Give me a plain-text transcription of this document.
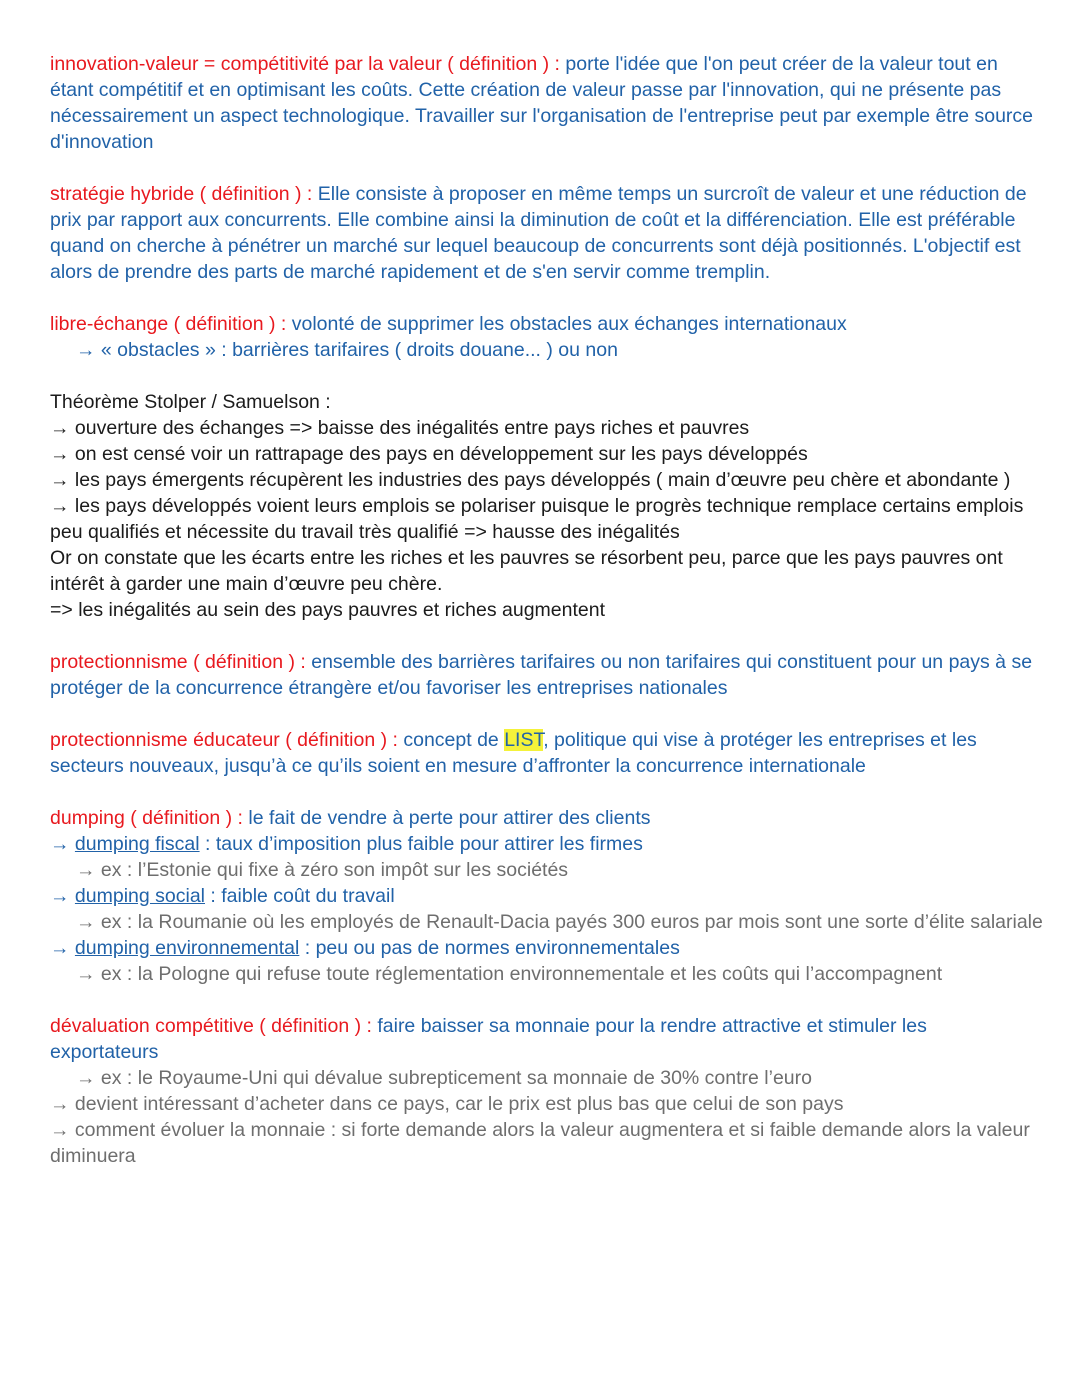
innovation-valeur = compétitivité par la valeur ( définition ) : porte l'idée que l'on peut créer de la valeur tout en étant compétitif et en optimisant les coûts. Cette création de valeur passe par l'innovation, qui ne présente pas nécessairement un aspect technologique. Travailler sur l'organisation de l'entreprise peut par exemple être source d'innovation
stratégie hybride ( définition ) : Elle consiste à proposer en même temps un surcroît de valeur et une réduction de prix par rapport aux concurrents. Elle combine ainsi la diminution de coût et la différenciation. Elle est préférable quand on cherche à pénétrer un marché sur lequel beaucoup de concurrents sont déjà positionnés. L'objectif est alors de prendre des parts de marché rapidement et de s'en servir comme tremplin.
libre-échange ( définition ) : volonté de supprimer les obstacles aux échanges internationaux
→ « obstacles » : barrières tarifaires ( droits douane... ) ou non
Théorème Stolper / Samuelson :
→ ouverture des échanges => baisse des inégalités entre pays riches et pauvres
→ on est censé voir un rattrapage des pays en développement sur les pays développés
→ les pays émergents récupèrent les industries des pays développés ( main d’œuvre peu chère et abondante )
→ les pays développés voient leurs emplois se polariser puisque le progrès technique remplace certains emplois peu qualifiés et nécessite du travail très qualifié => hausse des inégalités
Or on constate que les écarts entre les riches et les pauvres se résorbent peu, parce que les pays pauvres ont intérêt à garder une main d’œuvre peu chère.
=> les inégalités au sein des pays pauvres et riches augmentent
protectionnisme ( définition ) : ensemble des barrières tarifaires ou non tarifaires qui constituent pour un pays à se protéger de la concurrence étrangère et/ou favoriser les entreprises nationales
protectionnisme éducateur ( définition ) : concept de LIST, politique qui vise à protéger les entreprises et les secteurs nouveaux, jusqu’à ce qu’ils soient en mesure d’affronter la concurrence internationale
dumping ( définition ) : le fait de vendre à perte pour attirer des clients
→ dumping fiscal : taux d’imposition plus faible pour attirer les firmes
→ ex : l’Estonie qui fixe à zéro son impôt sur les sociétés
→ dumping social : faible coût du travail
→ ex : la Roumanie où les employés de Renault-Dacia payés 300 euros par mois sont une sorte d’élite salariale
→ dumping environnemental : peu ou pas de normes environnementales
→ ex : la Pologne qui refuse toute réglementation environnementale et les coûts qui l’accompagnent
dévaluation compétitive ( définition ) : faire baisser sa monnaie pour la rendre attractive et stimuler les exportateurs
→ ex : le Royaume-Uni qui dévalue subrepticement sa monnaie de 30% contre l’euro
→ devient intéressant d’acheter dans ce pays, car le prix est plus bas que celui de son pays
→ comment évoluer la monnaie : si forte demande alors la valeur augmentera et si faible demande alors la valeur diminuera
